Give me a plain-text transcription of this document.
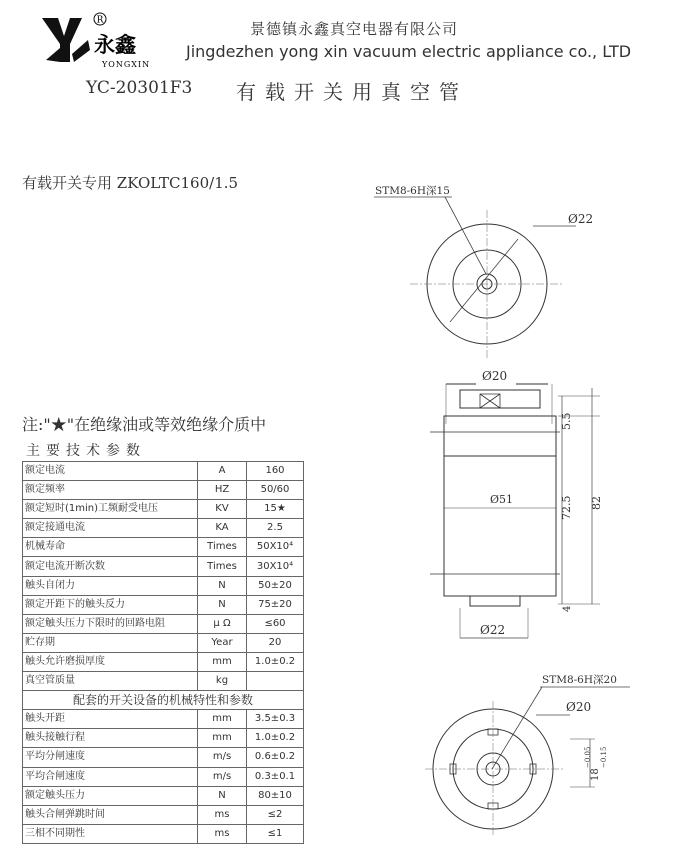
R
永鑫
YONGXIN
景德镇永鑫真空电器有限公司
Jingdezhen yong xin vacuum electric appliance co., LTD
YC-20301F3 有载开关用真空管
有载开关专用 ZKOLTC160/1.5
注:"★"在绝缘油或等效绝缘介质中
主要技术参数
额定电流	A	160
额定频率	HZ	50/60
额定短时(1min)工频耐受电压	KV	15★
额定接通电流	KA	2.5
机械寿命	Times	50X10⁴
额定电流开断次数	Times	30X10⁴
触头自闭力	N	50±20
额定开距下的触头反力	N	75±20
额定触头压力下限时的回路电阻	μ Ω	≤60
贮存期	Year	20
触头允许磨损厚度	mm	1.0±0.2
真空管质量	kg	
配套的开关设备的机械特性和参数		
触头开距	mm	3.5±0.3
触头接触行程	mm	1.0±0.2
平均分闸速度	m/s	0.6±0.2
平均合闸速度	m/s	0.3±0.1
额定触头压力	N	80±10
触头合闸弹跳时间	ms	≤2
三相不同期性	ms	≤1
STM8-6H深15
Ø22
Ø20
Ø51
Ø22
5.5
72.5 82
4
STM8-6H深20
Ø20
18
−0.05 −0.15
